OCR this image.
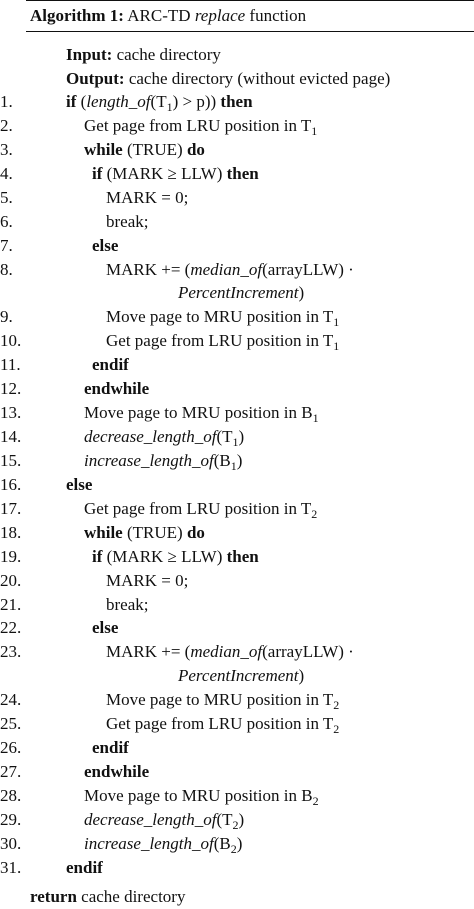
Algorithm 1: ARC-TD replace function
Input: cache directory
Output: cache directory (without evicted page)
1.	if $(length\_of(T_1) > p)$) then
2.	Get page from LRU position in $T_1$
3.	while (TRUE) do
4.	if (MARK ≥ LLW) then
5.	MARK = 0;
6.	break;
7.	else
8.	MARK += (median_of(arrayLLW) ·
PercentIncrement)
9.	Move page to MRU position in $T_1$
10.	Get page from LRU position in $T_1$
11.	endif
12.	endwhile
13.	Move page to MRU position in $B_1$
14.	$decrease\_length\_of(T_1)$
15.	$increase\_length\_of(B_1)$
16.	else
17.	Get page from LRU position in $T_2$
18.	while (TRUE) do
19.	if (MARK ≥ LLW) then
20.	MARK = 0;
21.	break;
22.	else
23.	MARK += (median_of(arrayLLW) ·
PercentIncrement)
24.	Move page to MRU position in $T_2$
25.	Get page from LRU position in $T_2$
26.	endif
27.	endwhile
28.	Move page to MRU position in $B_2$
29.	$decrease\_length\_of(T_2)$
30.	$increase\_length\_of(B_2)$
31.	endif
return cache directory
